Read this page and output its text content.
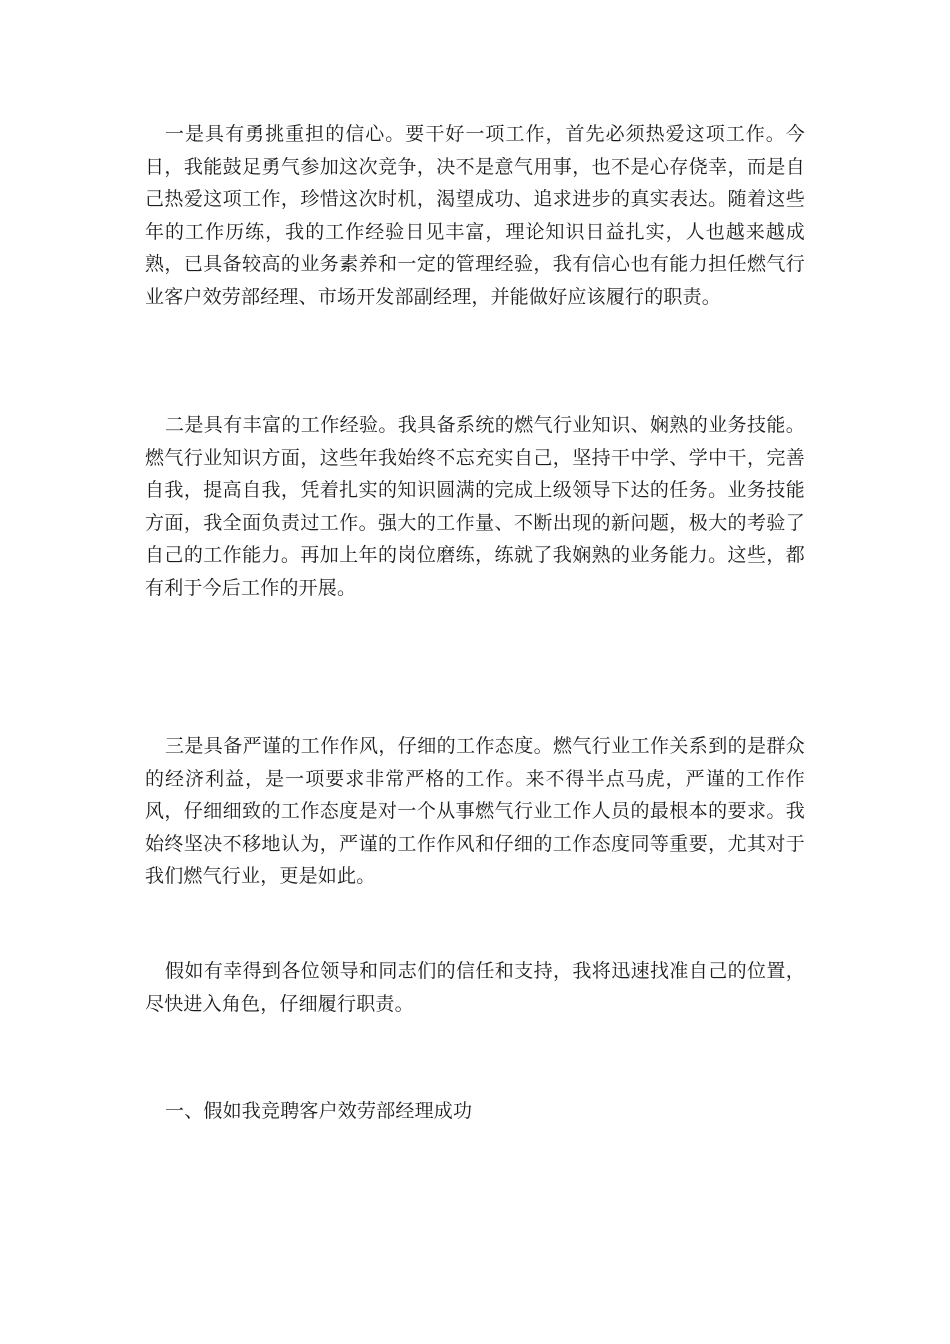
一是具有勇挑重担的信心。要干好一项工作，首先必须热爱这项工作。今日，我能鼓足勇气参加这次竞争，决不是意气用事，也不是心存侥幸，而是自己热爱这项工作，珍惜这次时机，渴望成功、追求进步的真实表达。随着这些年的工作历练，我的工作经验日见丰富，理论知识日益扎实，人也越来越成熟，已具备较高的业务素养和一定的管理经验，我有信心也有能力担任燃气行业客户效劳部经理、市场开发部副经理，并能做好应该履行的职责。

二是具有丰富的工作经验。我具备系统的燃气行业知识、娴熟的业务技能。燃气行业知识方面，这些年我始终不忘充实自己，坚持干中学、学中干，完善自我，提高自我，凭着扎实的知识圆满的完成上级领导下达的任务。业务技能方面，我全面负责过工作。强大的工作量、不断出现的新问题，极大的考验了自己的工作能力。再加上年的岗位磨练，练就了我娴熟的业务能力。这些，都有利于今后工作的开展。

三是具备严谨的工作作风，仔细的工作态度。燃气行业工作关系到的是群众的经济利益，是一项要求非常严格的工作。来不得半点马虎，严谨的工作作风，仔细细致的工作态度是对一个从事燃气行业工作人员的最根本的要求。我始终坚决不移地认为，严谨的工作作风和仔细的工作态度同等重要，尤其对于我们燃气行业，更是如此。

假如有幸得到各位领导和同志们的信任和支持，我将迅速找准自己的位置，尽快进入角色，仔细履行职责。

一、假如我竞聘客户效劳部经理成功
